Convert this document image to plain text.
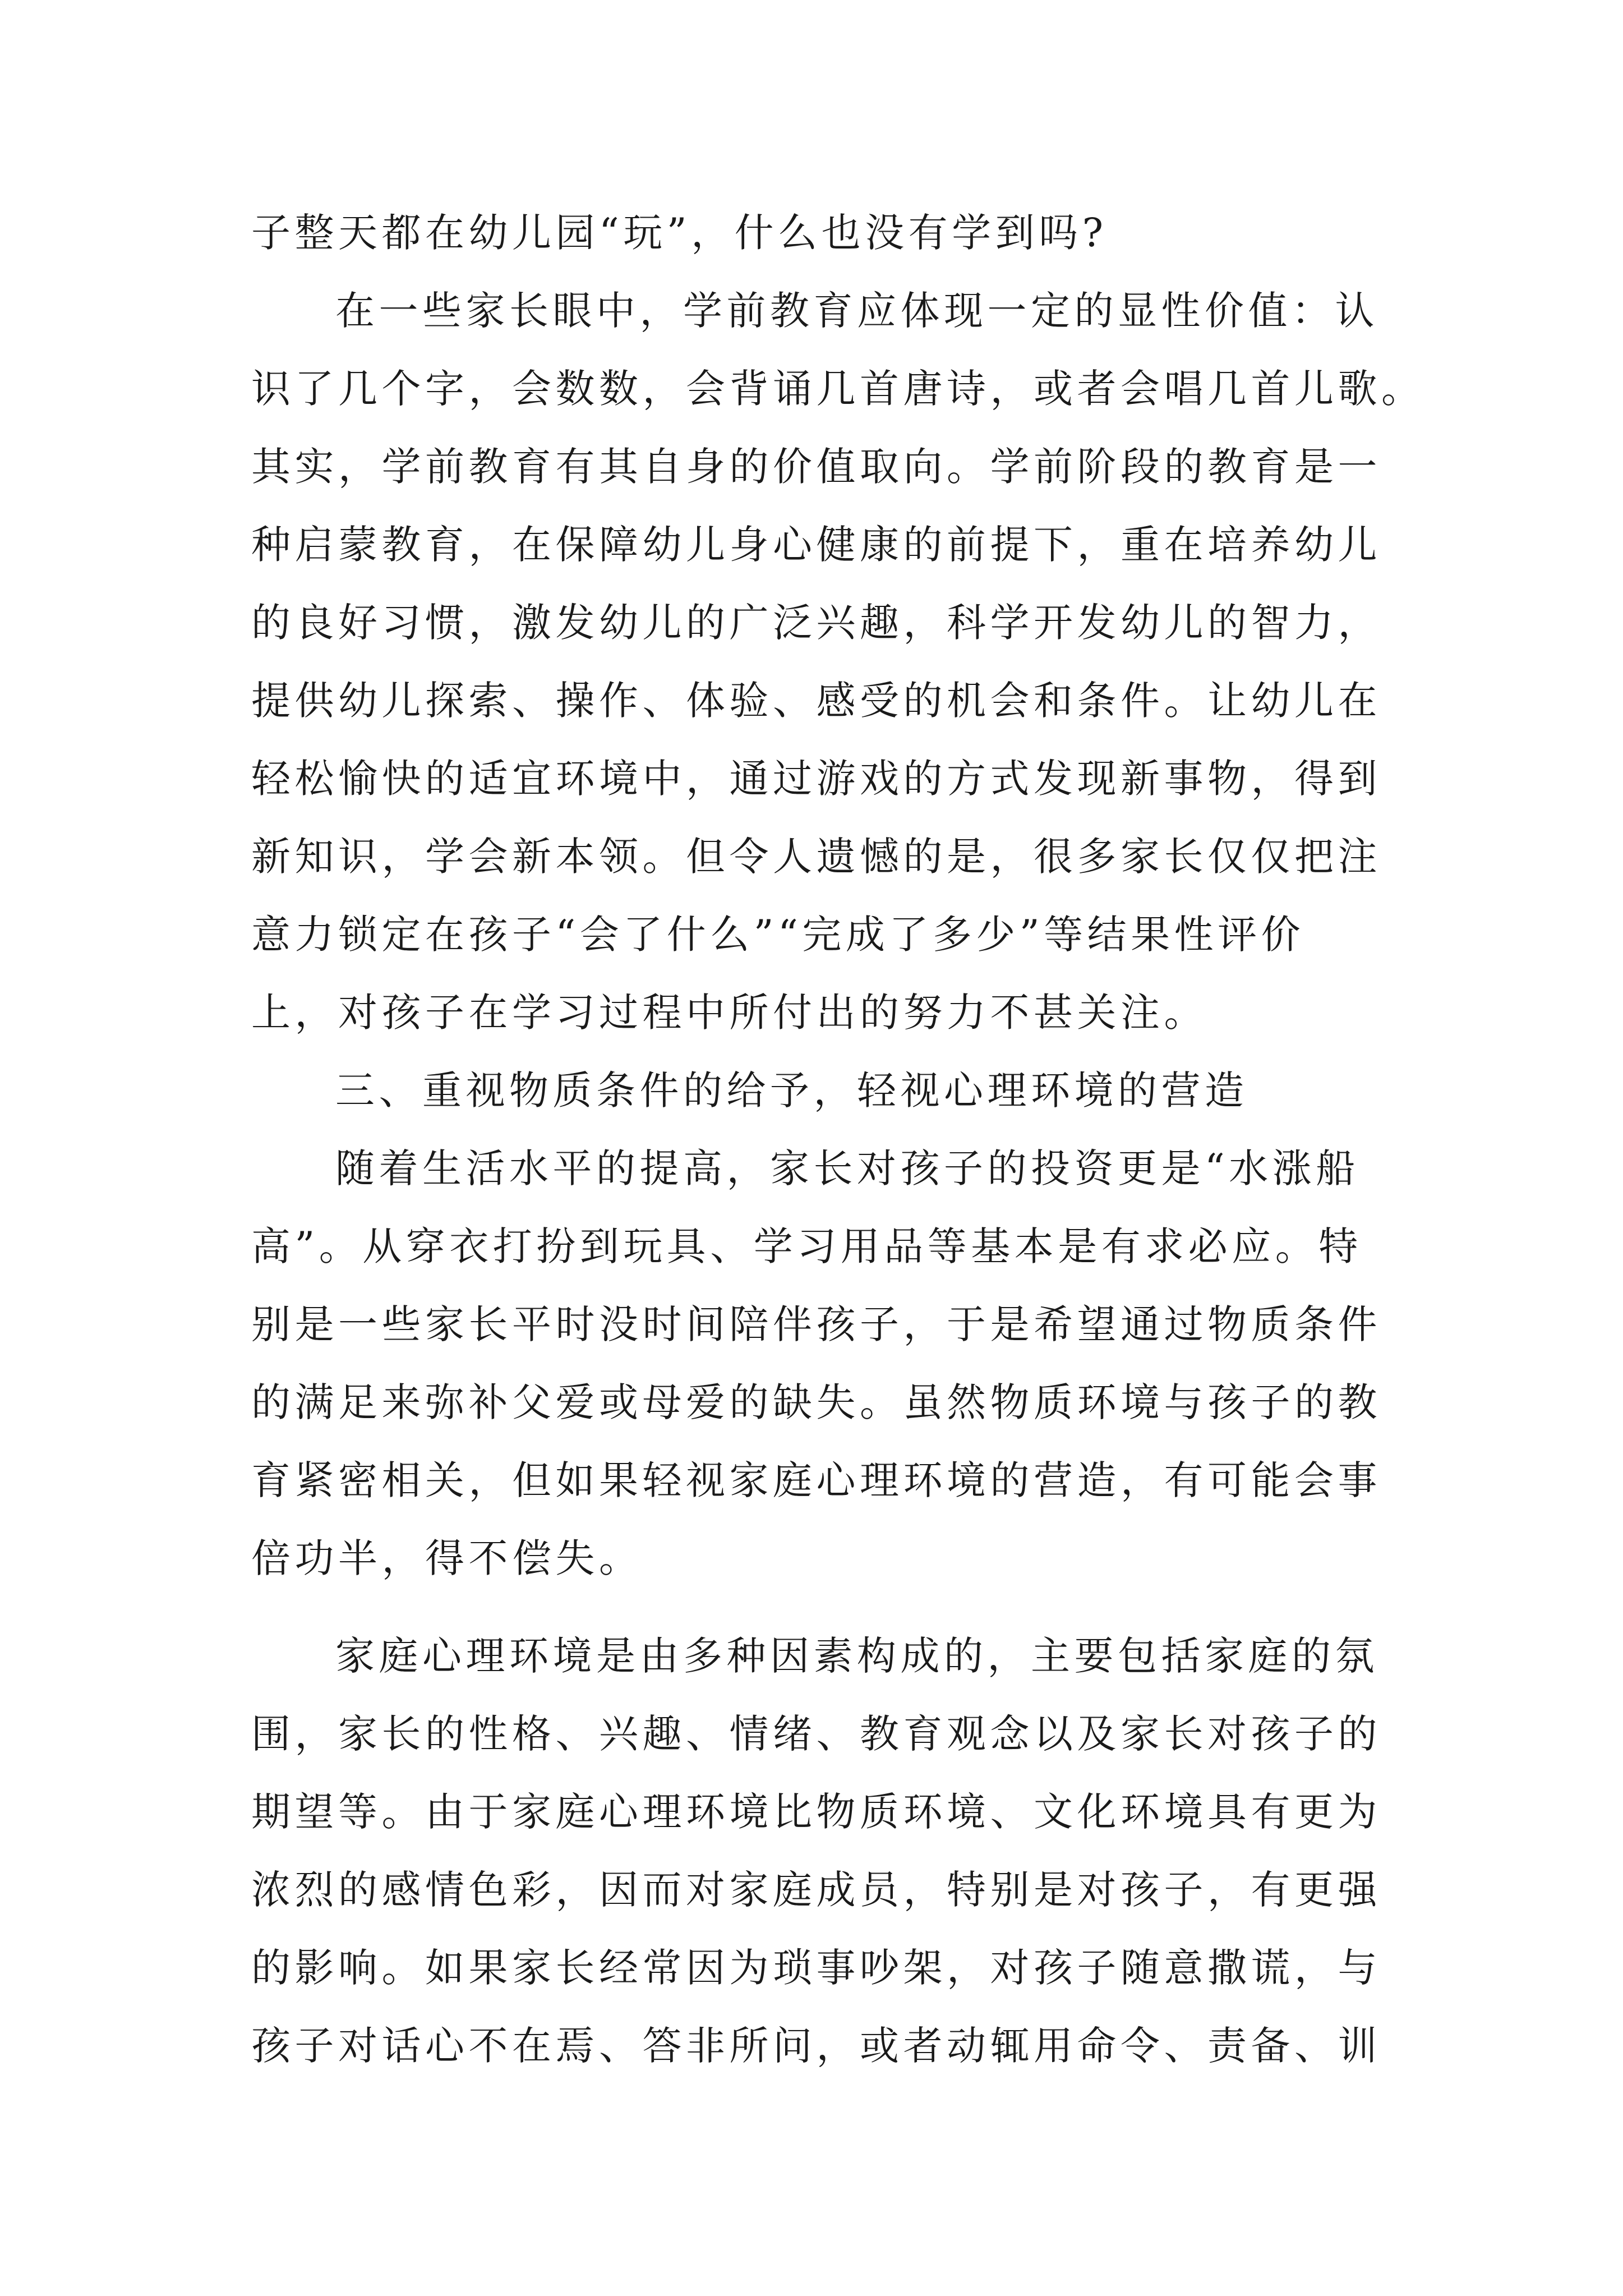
子整天都在幼儿园“玩”，什么也没有学到吗?
在一些家长眼中，学前教育应体现一定的显性价值：认
识了几个字，会数数，会背诵几首唐诗，或者会唱几首儿歌。
其实，学前教育有其自身的价值取向。学前阶段的教育是一
种启蒙教育，在保障幼儿身心健康的前提下，重在培养幼儿
的良好习惯，激发幼儿的广泛兴趣，科学开发幼儿的智力，
提供幼儿探索、操作、体验、感受的机会和条件。让幼儿在
轻松愉快的适宜环境中，通过游戏的方式发现新事物，得到
新知识，学会新本领。但令人遗憾的是，很多家长仅仅把注
意力锁定在孩子“会了什么”“完成了多少”等结果性评价
上，对孩子在学习过程中所付出的努力不甚关注。
三、重视物质条件的给予，轻视心理环境的营造
随着生活水平的提高，家长对孩子的投资更是“水涨船
高”。从穿衣打扮到玩具、学习用品等基本是有求必应。特
别是一些家长平时没时间陪伴孩子，于是希望通过物质条件
的满足来弥补父爱或母爱的缺失。虽然物质环境与孩子的教
育紧密相关，但如果轻视家庭心理环境的营造，有可能会事
倍功半，得不偿失。
家庭心理环境是由多种因素构成的，主要包括家庭的氛
围，家长的性格、兴趣、情绪、教育观念以及家长对孩子的
期望等。由于家庭心理环境比物质环境、文化环境具有更为
浓烈的感情色彩，因而对家庭成员，特别是对孩子，有更强
的影响。如果家长经常因为琐事吵架，对孩子随意撒谎，与
孩子对话心不在焉、答非所问，或者动辄用命令、责备、训
